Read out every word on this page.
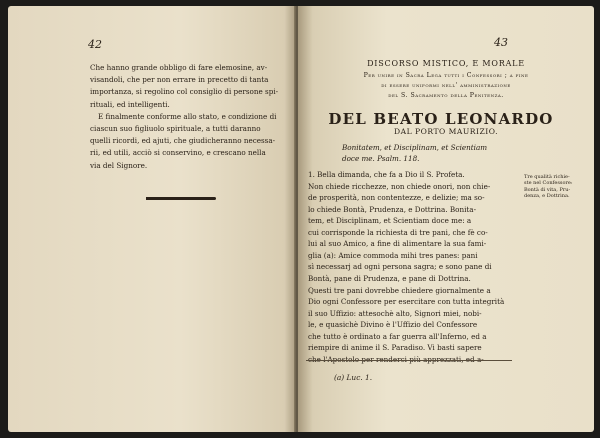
42
Che hanno grande obbligo di fare elemosine, av-
visandoli, che per non errare in precetto di tanta
importanza, si regolino col consiglio di persone spi-
rituali, ed intelligenti.
E finalmente conforme allo stato, e condizione di
ciascun suo figliuolo spirituale, a tutti daranno
quelli ricordi, ed ajuti, che giudicheranno necessa-
rii, ed utili, acciò si conservino, e crescano nella
via del Signore.
43
DISCORSO MISTICO, E MORALE
Per unire in Sacra Lega tutti i Confessori ; a fine
di essere uniformi nell' amministrazione
del S. Sacramento della Penitenza.
DEL BEATO LEONARDO
DAL PORTO MAURIZIO.
Bonitatem, et Disciplinam, et Scientiam
doce me. Psalm. 118.
1. Bella dimanda, che fa a Dio il S. Profeta.
Non chiede ricchezze, non chiede onori, non chie-
de prosperità, non contentezze, e delizie; ma so-
lo chiede Bontà, Prudenza, e Dottrina. Bonita-
tem, et Disciplinam, et Scientiam doce me: a
cui corrisponde la richiesta di tre pani, che fè co-
lui al suo Amico, a fine di alimentare la sua fami-
glia (a): Amice commoda mihi tres panes: pani
sì necessarj ad ogni persona sagra; e sono pane di
Bontà, pane di Prudenza, e pane di Dottrina.
Questi tre pani dovrebbe chiedere giornalmente a
Dio ogni Confessore per esercitare con tutta integrità
il suo Uffizio: attesochè alto, Signori miei, nobi-
le, e quasichè Divino è l'Uffizio del Confessore
che tutto è ordinato a far guerra all'Inferno, ed a
riempire di anime il S. Paradiso. Vi basti sapere
Tre qualità richie-
ste nel Confessore:
Bontà di vita, Pru-
denza, e Dottrina.
(a) Luc. 1.
